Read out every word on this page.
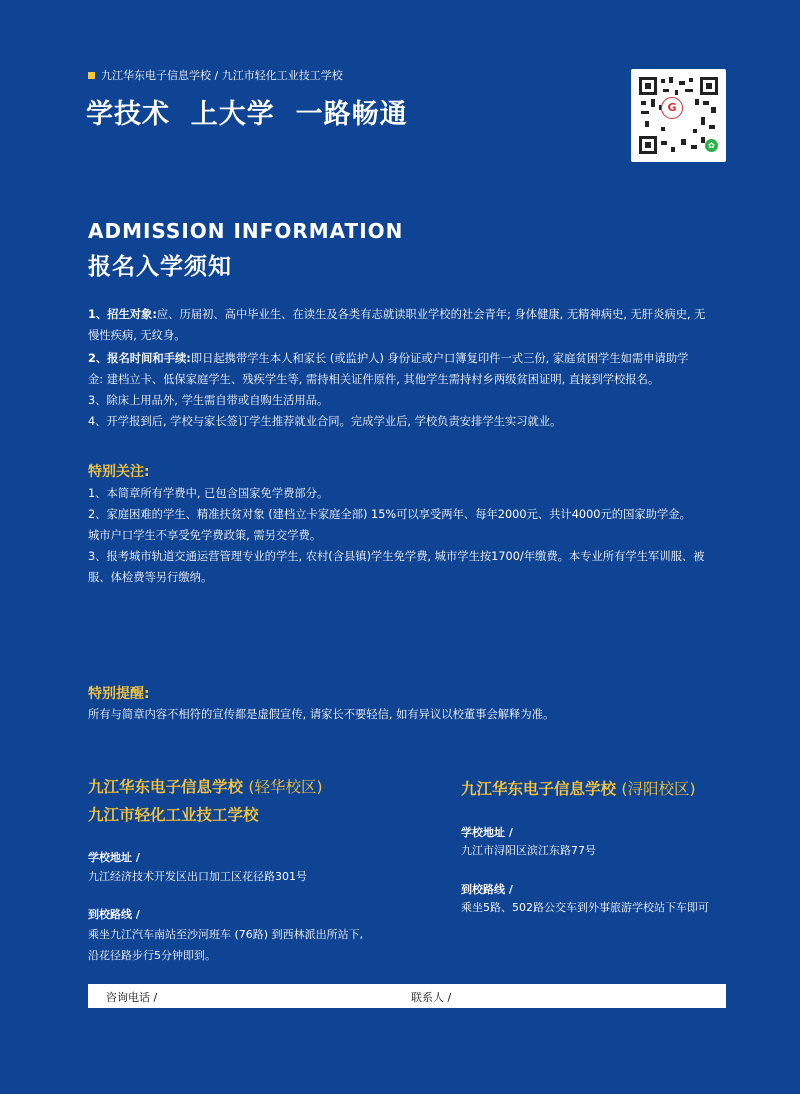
九江华东电子信息学校 / 九江市轻化工业技工学校
学技术  上大学  一路畅通	G
✿
ADMISSION INFORMATION
报名入学须知
1、招生对象:应、历届初、高中毕业生、在读生及各类有志就读职业学校的社会青年; 身体健康, 无精神病史, 无肝炎病史, 无
慢性疾病, 无纹身。
2、报名时间和手续:即日起携带学生本人和家长 (或监护人) 身份证或户口簿复印件一式三份, 家庭贫困学生如需申请助学
金: 建档立卡、低保家庭学生、残疾学生等, 需持相关证件原件, 其他学生需持村乡两级贫困证明, 直接到学校报名。
3、除床上用品外, 学生需自带或自购生活用品。
4、开学报到后, 学校与家长签订学生推荐就业合同。完成学业后, 学校负责安排学生实习就业。
特别关注:
1、本简章所有学费中, 已包含国家免学费部分。
2、家庭困难的学生、精准扶贫对象 (建档立卡家庭全部) 15%可以享受两年、每年2000元、共计4000元的国家助学金。
城市户口学生不享受免学费政策, 需另交学费。
3、报考城市轨道交通运营管理专业的学生, 农村(含县镇)学生免学费, 城市学生按1700/年缴费。本专业所有学生军训服、被
服、体检费等另行缴纳。
特别提醒:
所有与简章内容不相符的宣传都是虚假宣传, 请家长不要轻信, 如有异议以校董事会解释为准。
九江华东电子信息学校 (轻华校区)
九江市轻化工业技工学校
学校地址 /
九江经济技术开发区出口加工区花径路301号
到校路线 /
乘坐九江汽车南站至沙河班车 (76路) 到西林派出所站下,
沿花径路步行5分钟即到。
九江华东电子信息学校 (浔阳校区)
学校地址 /
九江市浔阳区滨江东路77号
到校路线 /
乘坐5路、502路公交车到外事旅游学校站下车即可
咨询电话 /	联系人 /
